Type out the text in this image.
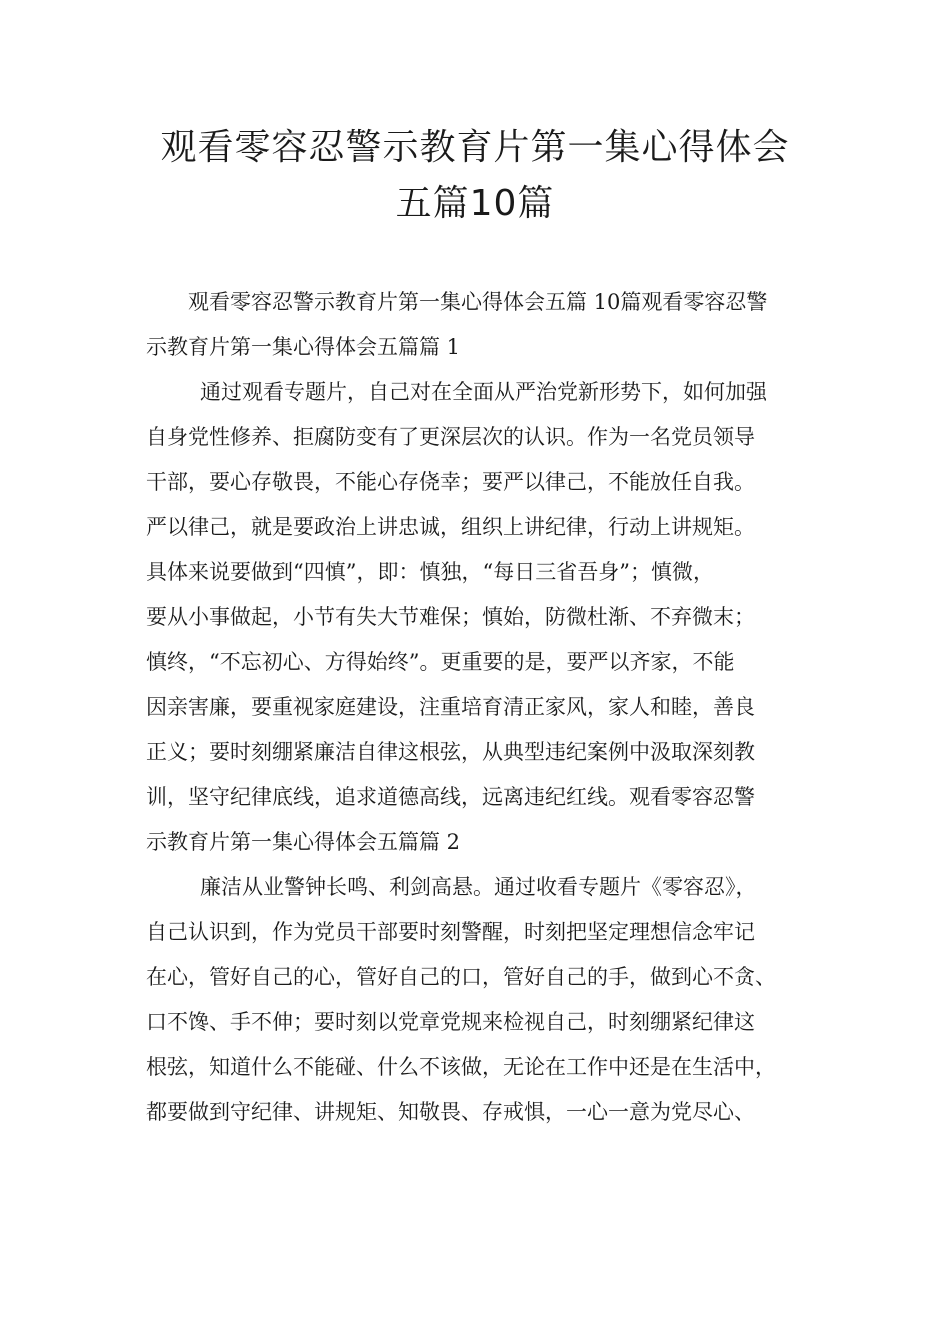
观看零容忍警示教育片第一集心得体会
五篇10篇
观看零容忍警示教育片第一集心得体会五篇 10篇观看零容忍警
示教育片第一集心得体会五篇篇 1
通过观看专题片，自己对在全面从严治党新形势下，如何加强
自身党性修养、拒腐防变有了更深层次的认识。作为一名党员领导
干部，要心存敬畏，不能心存侥幸；要严以律己，不能放任自我。
严以律己，就是要政治上讲忠诚，组织上讲纪律，行动上讲规矩。
具体来说要做到“四慎”，即：慎独，“每日三省吾身”；慎微，
要从小事做起，小节有失大节难保；慎始，防微杜渐、不弃微末；
慎终，“不忘初心、方得始终”。更重要的是，要严以齐家，不能
因亲害廉，要重视家庭建设，注重培育清正家风，家人和睦，善良
正义；要时刻绷紧廉洁自律这根弦，从典型违纪案例中汲取深刻教
训，坚守纪律底线，追求道德高线，远离违纪红线。观看零容忍警
示教育片第一集心得体会五篇篇 2
廉洁从业警钟长鸣、利剑高悬。通过收看专题片《零容忍》，
自己认识到，作为党员干部要时刻警醒，时刻把坚定理想信念牢记
在心，管好自己的心，管好自己的口，管好自己的手，做到心不贪、
口不馋、手不伸；要时刻以党章党规来检视自己，时刻绷紧纪律这
根弦，知道什么不能碰、什么不该做，无论在工作中还是在生活中，
都要做到守纪律、讲规矩、知敬畏、存戒惧，一心一意为党尽心、
